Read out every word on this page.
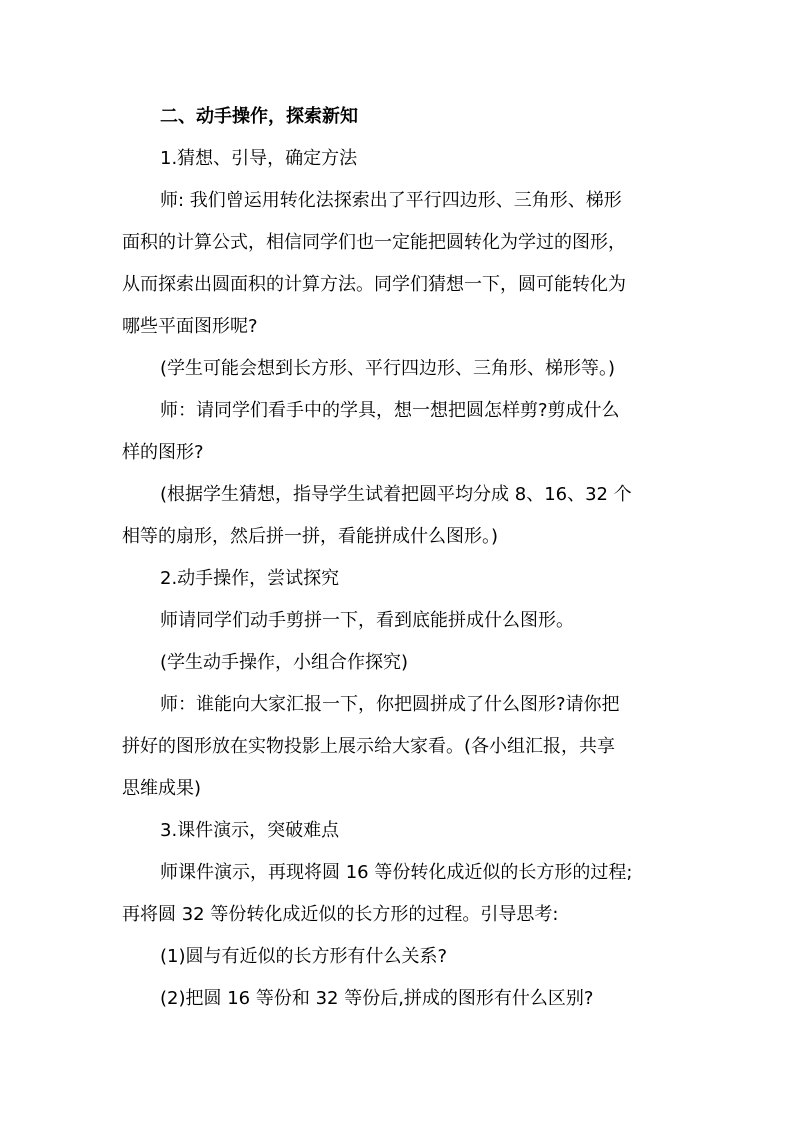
二、动手操作，探索新知
1.猜想、引导，确定方法
师: 我们曾运用转化法探索出了平行四边形、三角形、梯形
面积的计算公式，相信同学们也一定能把圆转化为学过的图形，
从而探索出圆面积的计算方法。同学们猜想一下，圆可能转化为
哪些平面图形呢?
(学生可能会想到长方形、平行四边形、三角形、梯形等。)
师：请同学们看手中的学具，想一想把圆怎样剪?剪成什么
样的图形?
(根据学生猜想，指导学生试着把圆平均分成 8、16、32 个
相等的扇形，然后拼一拼，看能拼成什么图形。)
2.动手操作，尝试探究
师请同学们动手剪拼一下，看到底能拼成什么图形。
(学生动手操作，小组合作探究)
师：谁能向大家汇报一下，你把圆拼成了什么图形?请你把
拼好的图形放在实物投影上展示给大家看。(各小组汇报，共享
思维成果)
3.课件演示，突破难点
师课件演示，再现将圆 16 等份转化成近似的长方形的过程;
再将圆 32 等份转化成近似的长方形的过程。引导思考:
(1)圆与有近似的长方形有什么关系?
(2)把圆 16 等份和 32 等份后,拼成的图形有什么区别?
